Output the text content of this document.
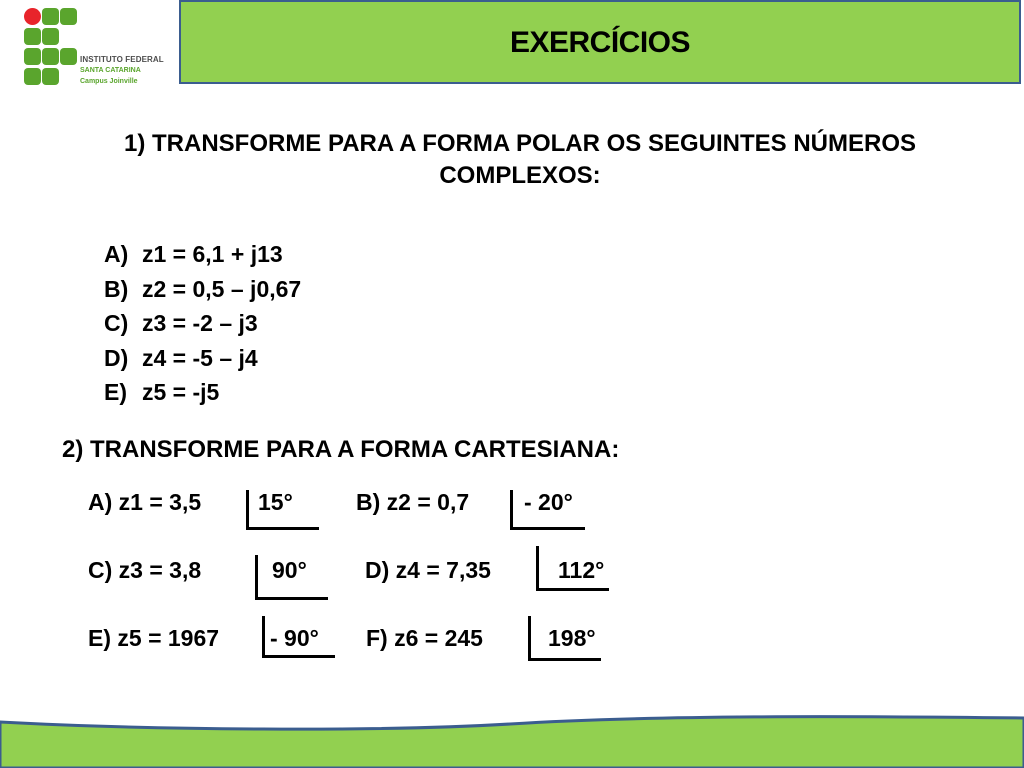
INSTITUTO FEDERAL
SANTA CATARINA
Campus Joinville
EXERCÍCIOS
1) TRANSFORME PARA A FORMA POLAR OS SEGUINTES NÚMEROS COMPLEXOS:
A) z1 = 6,1 + j13
B) z2 = 0,5 – j0,67
C) z3 = -2 – j3
D) z4 = -5 – j4
E) z5 = -j5
2) TRANSFORME PARA A FORMA CARTESIANA:
A) z1 = 3,5 15°	B) z2 = 0,7 - 20°
C) z3 = 3,8	90°	D) z4 = 7,35	112°
E) z5 = 1967 - 90° F) z6 = 245	198°
